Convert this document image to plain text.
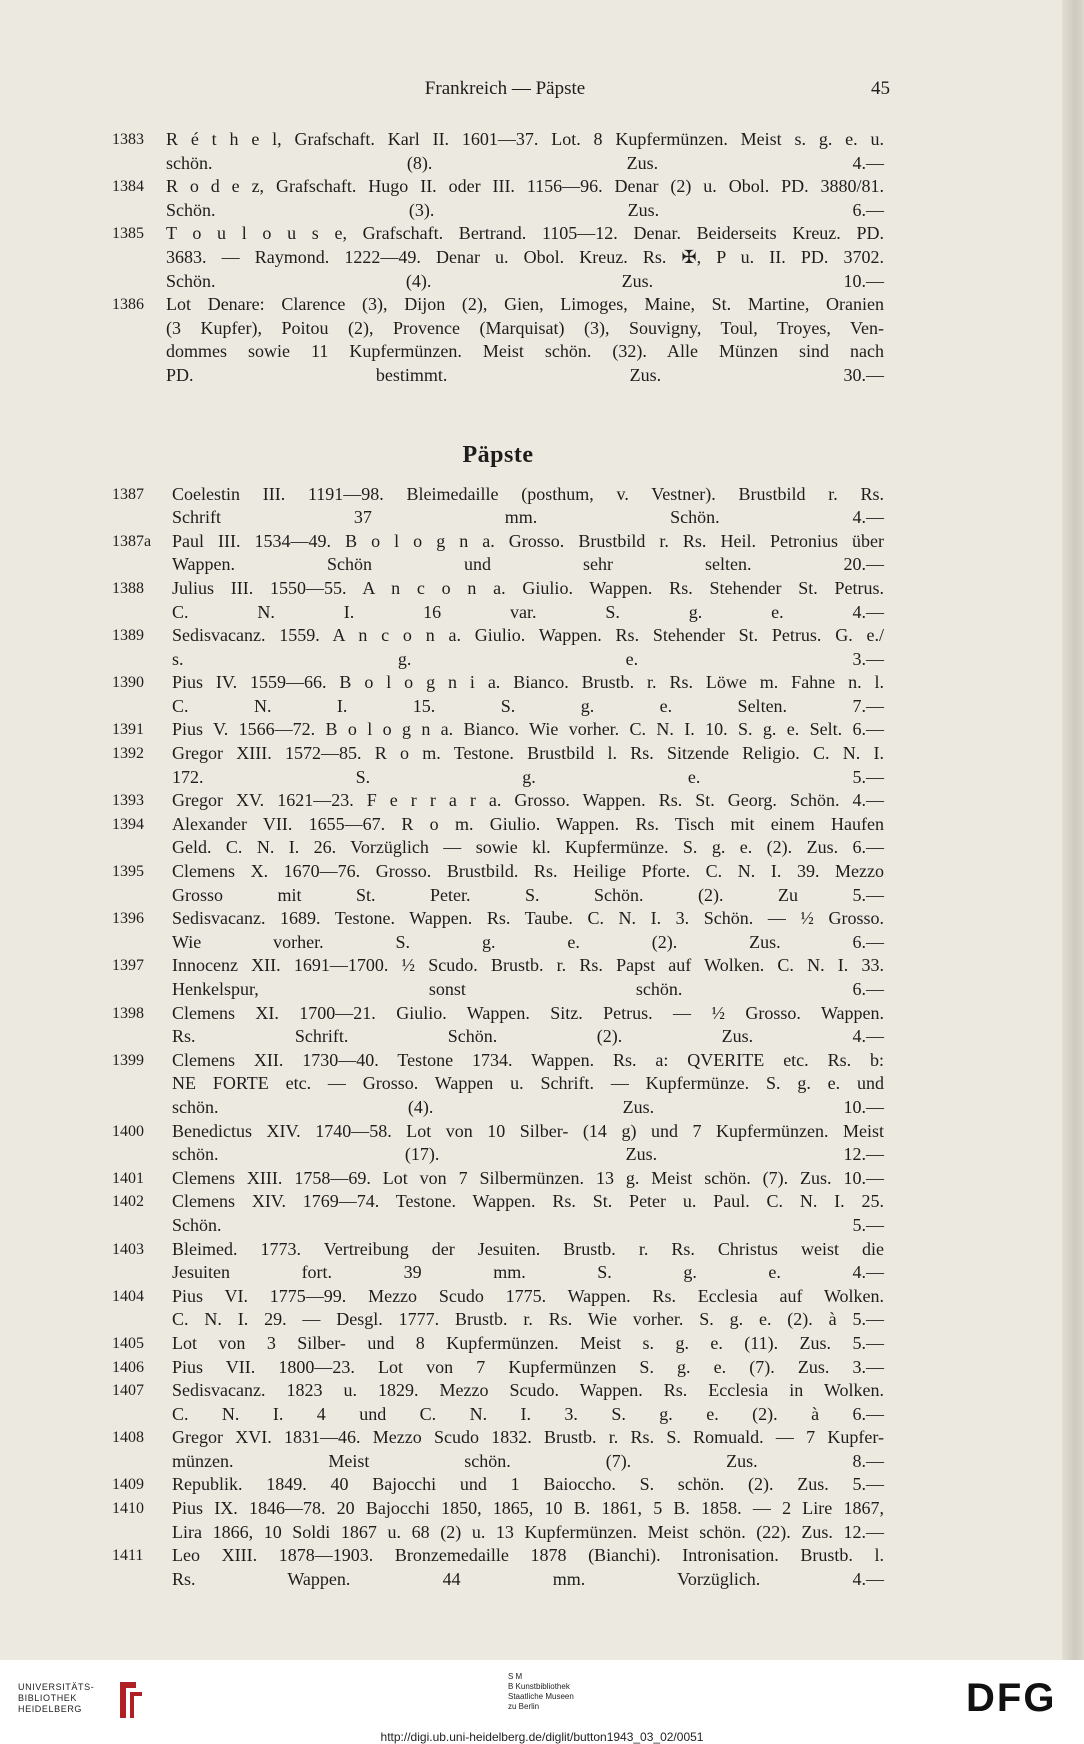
Frankreich — Päpste	45
1383	R é t h e l, Grafschaft. Karl II. 1601—37. Lot. 8 Kupfermünzen. Meist s. g. e. u.
schön. (8). Zus. 4.—
1384	R o d e z, Grafschaft. Hugo II. oder III. 1156—96. Denar (2) u. Obol. PD. 3880/81.
Schön. (3). Zus. 6.—
1385	T o u l o u s e, Grafschaft. Bertrand. 1105—12. Denar. Beiderseits Kreuz. PD.
3683. — Raymond. 1222—49. Denar u. Obol. Kreuz. Rs. ✠, P u. II. PD. 3702.
Schön. (4). Zus. 10.—
1386	Lot Denare: Clarence (3), Dijon (2), Gien, Limoges, Maine, St. Martine, Oranien
(3 Kupfer), Poitou (2), Provence (Marquisat) (3), Souvigny, Toul, Troyes, Ven-
dommes sowie 11 Kupfermünzen. Meist schön. (32). Alle Münzen sind nach
PD. bestimmt. Zus. 30.—
Päpste
1387	Coelestin III. 1191—98. Bleimedaille (posthum, v. Vestner). Brustbild r. Rs.
Schrift 37 mm. Schön. 4.—
1387a	Paul III. 1534—49. B o l o g n a. Grosso. Brustbild r. Rs. Heil. Petronius über
Wappen. Schön und sehr selten. 20.—
1388	Julius III. 1550—55. A n c o n a. Giulio. Wappen. Rs. Stehender St. Petrus.
C. N. I. 16 var. S. g. e. 4.—
1389	Sedisvacanz. 1559. A n c o n a. Giulio. Wappen. Rs. Stehender St. Petrus. G. e./
s. g. e. 3.—
1390	Pius IV. 1559—66. B o l o g n i a. Bianco. Brustb. r. Rs. Löwe m. Fahne n. l.
C. N. I. 15. S. g. e. Selten. 7.—
1391	Pius V. 1566—72. B o l o g n a. Bianco. Wie vorher. C. N. I. 10. S. g. e. Selt. 6.—
1392	Gregor XIII. 1572—85. R o m. Testone. Brustbild l. Rs. Sitzende Religio. C. N. I.
172. S. g. e. 5.—
1393	Gregor XV. 1621—23. F e r r a r a. Grosso. Wappen. Rs. St. Georg. Schön. 4.—
1394	Alexander VII. 1655—67. R o m. Giulio. Wappen. Rs. Tisch mit einem Haufen
Geld. C. N. I. 26. Vorzüglich — sowie kl. Kupfermünze. S. g. e. (2). Zus. 6.—
1395	Clemens X. 1670—76. Grosso. Brustbild. Rs. Heilige Pforte. C. N. I. 39. Mezzo
Grosso mit St. Peter. S. Schön. (2). Zu 5.—
1396	Sedisvacanz. 1689. Testone. Wappen. Rs. Taube. C. N. I. 3. Schön. — ½ Grosso.
Wie vorher. S. g. e. (2). Zus. 6.—
1397	Innocenz XII. 1691—1700. ½ Scudo. Brustb. r. Rs. Papst auf Wolken. C. N. I. 33.
Henkelspur, sonst schön. 6.—
1398	Clemens XI. 1700—21. Giulio. Wappen. Sitz. Petrus. — ½ Grosso. Wappen.
Rs. Schrift. Schön. (2). Zus. 4.—
1399	Clemens XII. 1730—40. Testone 1734. Wappen. Rs. a: QVERITE etc. Rs. b:
NE FORTE etc. — Grosso. Wappen u. Schrift. — Kupfermünze. S. g. e. und
schön. (4). Zus. 10.—
1400	Benedictus XIV. 1740—58. Lot von 10 Silber- (14 g) und 7 Kupfermünzen. Meist
schön. (17). Zus. 12.—
1401	Clemens XIII. 1758—69. Lot von 7 Silbermünzen. 13 g. Meist schön. (7). Zus. 10.—
1402	Clemens XIV. 1769—74. Testone. Wappen. Rs. St. Peter u. Paul. C. N. I. 25.
Schön. 5.—
1403	Bleimed. 1773. Vertreibung der Jesuiten. Brustb. r. Rs. Christus weist die
Jesuiten fort. 39 mm. S. g. e. 4.—
1404	Pius VI. 1775—99. Mezzo Scudo 1775. Wappen. Rs. Ecclesia auf Wolken.
C. N. I. 29. — Desgl. 1777. Brustb. r. Rs. Wie vorher. S. g. e. (2). à 5.—
1405	Lot von 3 Silber- und 8 Kupfermünzen. Meist s. g. e. (11). Zus. 5.—
1406	Pius VII. 1800—23. Lot von 7 Kupfermünzen S. g. e. (7). Zus. 3.—
1407	Sedisvacanz. 1823 u. 1829. Mezzo Scudo. Wappen. Rs. Ecclesia in Wolken.
C. N. I. 4 und C. N. I. 3. S. g. e. (2). à 6.—
1408	Gregor XVI. 1831—46. Mezzo Scudo 1832. Brustb. r. Rs. S. Romuald. — 7 Kupfer-
münzen. Meist schön. (7). Zus. 8.—
1409	Republik. 1849. 40 Bajocchi und 1 Baioccho. S. schön. (2). Zus. 5.—
1410	Pius IX. 1846—78. 20 Bajocchi 1850, 1865, 10 B. 1861, 5 B. 1858. — 2 Lire 1867,
Lira 1866, 10 Soldi 1867 u. 68 (2) u. 13 Kupfermünzen. Meist schön. (22). Zus. 12.—
1411	Leo XIII. 1878—1903. Bronzemedaille 1878 (Bianchi). Intronisation. Brustb. l.
Rs. Wappen. 44 mm. Vorzüglich. 4.—
UNIVERSITÄTS-
BIBLIOTHEK
HEIDELBERG
S M
B Kunstbibliothek
Staatliche Museen
zu Berlin	DFG
http://digi.ub.uni-heidelberg.de/diglit/button1943_03_02/0051
